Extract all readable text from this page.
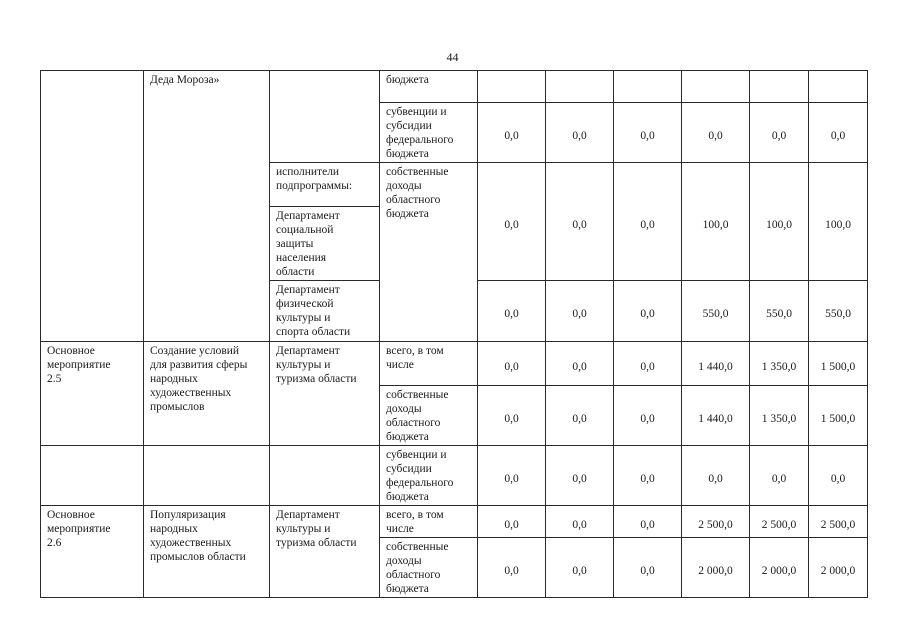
44

	Деда Мороза»		бюджета						

			субвенции и
субсидии
федерального
бюджета	0,0	0,0	0,0	0,0	0,0	0,0

		исполнители
подпрограммы:	собственные
доходы
областного
бюджета	0,0	0,0	0,0	100,0	100,0	100,0

		Департамент
социальной
защиты
населения
области							

		Департамент
физической
культуры и
спорта области		0,0	0,0	0,0	550,0	550,0	550,0

Основное
мероприятие
2.5	Создание условий
для развития сферы
народных
художественных
промыслов	Департамент
культуры и
туризма области	всего, в том
числе	0,0	0,0	0,0	1 440,0	1 350,0	1 500,0

			собственные
доходы
областного
бюджета	0,0	0,0	0,0	1 440,0	1 350,0	1 500,0

			субвенции и
субсидии
федерального
бюджета	0,0	0,0	0,0	0,0	0,0	0,0

Основное
мероприятие
2.6	Популяризация
народных
художественных
промыслов области	Департамент
культуры и
туризма области	всего, в том
числе	0,0	0,0	0,0	2 500,0	2 500,0	2 500,0

			собственные
доходы
областного
бюджета	0,0	0,0	0,0	2 000,0	2 000,0	2 000,0
